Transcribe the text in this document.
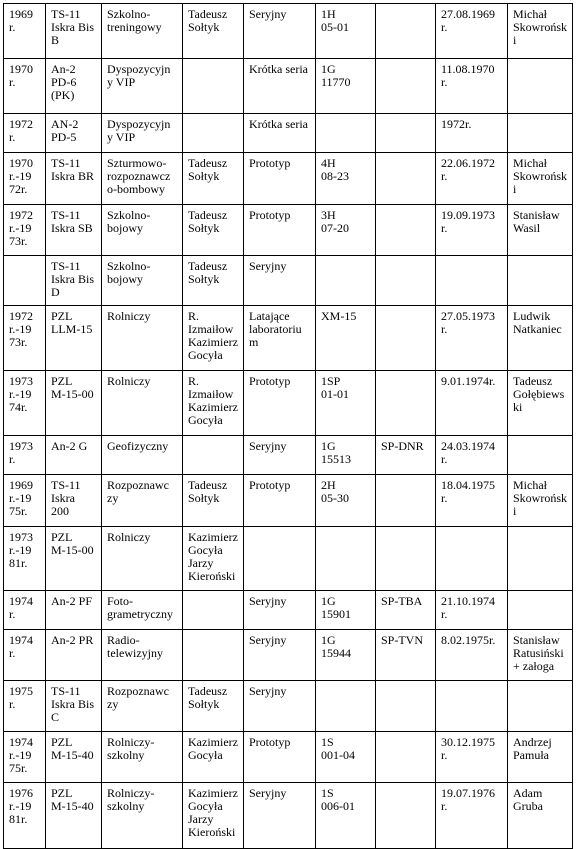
1969
r.	TS-11
Iskra Bis
B	Szkolno-
treningowy	Tadeusz
Sołtyk	Seryjny	1H
05-01		27.08.1969
r.	Michał
Skowrońsk
i

1970
r.	An-2
PD-6
(PK)	Dyspozycyjn
y VIP		Krótka seria	1G
11770		11.08.1970
r.	

1972
r.	AN-2
PD-5	Dyspozycyjn
y VIP		Krótka seria			1972r.	

1970
r.-19
72r.	TS-11
Iskra BR	Szturmowo-
rozpoznawcz
o-bombowy	Tadeusz
Sołtyk	Prototyp	4H
08-23		22.06.1972
r.	Michał
Skowrońsk
i

1972
r.-19
73r.	TS-11
Iskra SB	Szkolno-
bojowy	Tadeusz
Sołtyk	Prototyp	3H
07-20		19.09.1973
r.	Stanisław
Wasil

	TS-11
Iskra Bis
D	Szkolno-
bojowy	Tadeusz
Sołtyk	Seryjny				

1972
r.-19
73r.	PZL
LLM-15	Rolniczy	R.
Izmaiłow
Kazimierz
Gocyła	Latające
laboratoriu
m	XM-15		27.05.1973
r.	Ludwik
Natkaniec

1973
r.-19
74r.	PZL
M-15-00	Rolniczy	R.
Izmaiłow
Kazimierz
Gocyła	Prototyp	1SP
01-01		9.01.1974r.	Tadeusz
Gołębiews
ki

1973
r.	An-2 G	Geofizyczny		Seryjny	1G
15513	SP-DNR	24.03.1974
r.	

1969
r.-19
75r.	TS-11
Iskra
200	Rozpoznawc
zy	Tadeusz
Sołtyk	Prototyp	2H
05-30		18.04.1975
r.	Michał
Skowrońsk
i

1973
r.-19
81r.	PZL
M-15-00	Rolniczy	Kazimierz
Gocyła
Jarzy
Kieroński					

1974
r.	An-2 PF	Foto-
grametryczny		Seryjny	1G
15901	SP-TBA	21.10.1974
r.	

1974
r.	An-2 PR	Radio-
telewizyjny		Seryjny	1G
15944	SP-TVN	8.02.1975r.	Stanisław
Ratusiński
+ załoga

1975
r.	TS-11
Iskra Bis
C	Rozpoznawc
zy	Tadeusz
Sołtyk	Seryjny				

1974
r.-19
75r.	PZL
M-15-40	Rolniczy-
szkolny	Kazimierz
Gocyła	Prototyp	1S
001-04		30.12.1975
r.	Andrzej
Pamuła

1976
r.-19
81r.	PZL
M-15-40	Rolniczy-
szkolny	Kazimierz
Gocyła
Jarzy
Kieroński	Seryjny	1S
006-01		19.07.1976
r.	Adam
Gruba
